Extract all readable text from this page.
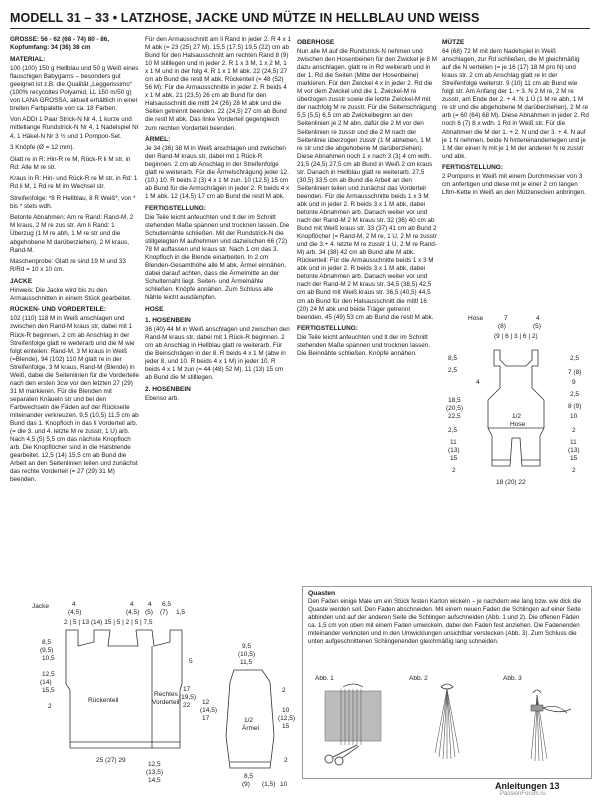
MODELL 31 – 33 • LATZHOSE, JACKE UND MÜTZE IN HELLBLAU UND WEISS

GRÖSSE: 56 - 62 (68 - 74) 80 - 86, Kopfumfang: 34 (36) 38 cm

MATERIAL:

100 (100) 150 g Hellblau und 50 g Weiß eines flauschigen Babygarns – besonders gut geeignet ist z.B. die Qualität „Leggerissimo“ (100% recycoltes Polyamid, LL 150 m/50 g) von LANA GROSSA, aktuell erhältlich in einer breiten Farbpalette von ca. 18 Farben.

Von ADDI 1 Paar Strick-N Nr 4, 1 kurze und mittellange Rundstrick-N Nr 4, 1 Nadelspiel Nr 4, 1 Häkel-N Nr 3 ½ und 1 Pompon-Set.

3 Knöpfe (Ø = 12 mm).

Glatt re in R: Hin-R re M, Rück-R li M str, in Rd: Alle M re str.

Kraus in R: Hin- und Rück-R re M str, in Rd: 1 Rd li M, 1 Rd re M im Wechsel str.

Streifenfolge: *8 R Hellblau, 8 R Weiß*, von * bis * stets wdh.

Betonte Abnahmen: Am re Rand: Rand-M, 2 M kraus, 2 M re zus str. Am li Rand: 1 Überzug (1 M re abh, 1 M re str und die abgehobene M darüberziehen), 2 M kraus, Rand-M.

Maschenprobe: Glatt re sind 19 M und 33 R/Rd = 10 x 10 cm.

JACKE

Hinweis: Die Jacke wird bis zu den Armausschnitten in einem Stück gearbeitet.

RÜCKEN- UND VORDERTEILE:

102 (110) 118 M in Weiß anschlagen und zwischen den Rand-M kraus str, dabei mit 1 Rück-R beginnen. 2 cm ab Anschlag in der Streifenfolge glatt re weiterarb und die M wie folgt einteilen: Rand-M, 3 M kraus in Weiß (=Blende), 94 (102) 110 M glatt re in der Streifenfolge, 3 M kraus, Rand-M (Blende) in Weiß, dabei die Seitenlinien für die Vorderteile nach den ersten 3cw vor den letzten 27 (29) 31 M markieren. Für die Blenden mit separaten Knäueln str und bei den Farbwechseln die Fäden auf der Rückseite miteinander verkreuzen. 9,5 (10,5) 11,5 cm ab Bund das 1. Knopfloch in das li Vorderteil arb. (= die 3. und 4. letzte M re zusstr, 1 U) arb. Nach 4,5 (5) 5,5 cm das nächste Knopfloch arb. Die Knopflöcher sind in die Halsblende gearbeitet. 12,5 (14) 15,5 cm ab Bund die Arbeit an den Seitenlinien teilen und zunächst das rechte Vorderteil (= 27 (29) 31 M) beenden.

Für den Armausschnitt am li Rand in jeder 2. R 4 x 1 M abk (= 23 (25) 27 M). 15,5 (17,5) 19,5 (22) cm ab Bund für den Halsausschnitt am rechten Rand 8 (9) 10 M stilllegen und in jeder 2. R 1 x 3 M, 1 x 2 M, 1 x 1 M und in der folg 4. R 1 x 1 M abk. 22 (24,5) 27 cm ab Bund die restl M abk. Rückenteil (= 48 (52) 56 M): Für die Armausschnitte in jeder 2. R beids 4 x 1 M abk. 21 (23,5) 26 cm ab Bund für den Halsausschnitt die mittl 24 (26) 28 M abk und die Seiten getrennt beenden. 22 (24,5) 27 cm ab Bund die restl M abk. Das linke Vorderteil gegengleich zum rechten Vorderteil beenden.

ÄRMEL:

Je 34 (36) 38 M in Weiß anschlagen und zwischen den Rand-M kraus str, dabei mit 1 Rück-R beginnen. 2 cm ab Anschlag in der Streifenfolge glatt re weiterarb. Für die Ärmelschrägung jeder 12. (10.) 10. R beids 2 (3) 4 x 1 M zun. 10 (12,5) 15 cm ab Bund für die Armschrägen in jeder 2. R beids 4 x 1 M abk. 12 (14,5) 17 cm ab Bund die restl M abk.

FERTIGSTELLUNG:

Die Teile leicht anfeuchten und lt der im Schnitt stehenden Maße spannen und trocknen lassen. Die Schulternähte schließen. Mit der Rundstrick-N die stillgelegten M aufnehmen und dazwischen 66 (72) 78 M auffassen und kraus str. Nach 1 cm das 3. Knopfloch in die Blende einarbeiten. In 2 cm Blenden-Gesamthöhe alle M abk. Ärmel einnähen, dabei darauf achten, dass die Ärmelmitte an der Schulternaht liegt. Seiten- und Ärmelnähte schließen. Knöpfe annähen. Zum Schluss alle Nähte leicht ausdämpfen.

HOSE
1. HOSENBEIN

36 (40) 44 M in Weiß anschlagen und zwischen den Rand-M kraus str, dabei mit 1 Rück-R beginnen. 2 cm ab Anschlag in Hellblau glatt re weiterarb. Für die Beinschrägen in der 8. R beids 4 x 1 M (abw in jeder 8. und 10. R beids 4 x 1 M) in jeder 10. R beids 4 x 1 M zun (= 44 (48) 52 M). 11 (13) 15 cm ab Bund die M stilllegen.

2. HOSENBEIN

Ebenso arb.

OBERHOSE

Nun alle M auf die Rundstrick-N nehmen und zwischen den Hosenbeinen für den Zwickel je 8 M dazu anschlagen, glatt re in Rd weiterarb und in der 1. Rd die Seiten (Mitte der Hosenbeine) markieren. Für den Zwickel 4 x in jeder 2. Rd die M vor dem Zwickel und die 1. Zwickel-M re überzogen zusstr sowie die letzte Zwickel-M mit der nachfolg M re zusstr. Für die Seitenschrägung 5,5 (5,5) 6,5 cm ab Zwickelbeginn an den Seitenlinien je 2 M abn, dafür die 2 M vor den Seitenlinien re zusstr und die 2 M nach der Seitenlinie überzogen zusstr (1 M abheben, 1 M re str und die abgehobene M darüberziehen). Diese Abnahmen noch 1 x nach 3 (3) 4 cm wdh. 21,5 (24,5) 27,5 cm ab Bund in Weiß 2 cm kraus str. Danach in Hellblau glatt re weiterarb. 27,5 (30,5) 33,5 cm ab Bund die Arbeit an den Seitenlinien teilen und zunächst das Vorderteil beenden. Für die Armausschnitte beids 1 x 3 M abk und in jeder 2. R beids 3 x 1 M abk, dabei betonte Abnahmen arb. Danach weiter vor und nach der Rand-M 2 M kraus str. 32 (36) 40 cm ab Bund mit Weiß kraus str. 33 (37) 41 cm ab Bund 2 Knopflöcher (= Rand-M, 2 M re, 1 U, 2 M re zusstr und die 3.+ 4. letzte M re zusstr 1 U, 2 M re Rand-M) arb. 34 (38) 42 cm ab Bund alle M abk. Rückenteil: Für die Armausschnitte beids 1 x 3 M abk und in jeder 2. R beids 3 x 1 M abk, dabei betonte Abnahmen arb. Danach weiter vor und nach der Rand-M 2 M kraus str. 34,5 (38,5) 42,5 cm ab Bund mit Weiß kraus str. 36,5 (40,5) 44,5 cm ab Bund für den Halsausschnitt die mittl 16 (20) 24 M abk und beide Träger getrennt beenden. 45 (49) 53 cm ab Bund die restl M abk.

FERTIGSTELLUNG:

Die Teile leicht anfeuchten und lt der im Schnitt stehenden Maße spannen und trocknen lassen. Die Beinnähte schließen. Knöpfe annähen.

MÜTZE

64 (68) 72 M mit dem Nadelspiel in Weiß anschlagen, zur Rd schließen, die M gleichmäßig auf die N verteilen (= je 16 (17) 18 M pro N) und kraus str. 2 cm ab Anschlag glatt re in der Streifenfolge weiterstr. 9 (10) 11 cm ab Bund wie folgt str. Am Anfang der 1. + 3. N 2 M re, 2 M re zusstr, am Ende der 2. + 4. N 1 Ü (1 M re abh, 1 M re str und die abgehobene M darüberziehen), 2 M re arb (= 60 (64) 68 M). Diese Abnahmen in jeder 2. Rd noch 6 (7) 8 x wdh. 1 Rd in Weiß str. Für die Abnahmen die M der 1. + 2. N und der 3. + 4. N auf je 1 N nehmen, beide N hintereinanderliegen und je 1 M der einen N mit je 1 M der anderen N re zusstr und abk.

FERTIGSTELLUNG:

2 Pompons in Weiß mit einem Durchmesser von 3 cm anfertigen und diese mit je einer 2 cm langen Lftm-Kette in Weiß an den Mützenecken anbringen.

Hose	7	4
(8)	(5)
(9 | 6 | 3 | 6 | 2)
8,5
2,5
4
18,5
(20,5)
22,5
2,5
11
(13)
15
2
2,5
7 (8)
9
2,5
8 (9)
10
2
11
(13)
15
2
1/2
Hose
18 (20) 22
Jacke	4	4 4 6,5
(4,5)	(4,5) (5) (7) 1,5
2 | 5 | 13 (14) 15 | 5 | 2 | 5 | 7,5
8,5
(9,5)
10,5
12,5
(14)
15,5
2
Rückenteil
Rechtes
Vorderteil
25 (27) 29
12,5
(13,5)
14,5
5
17
(19,5)
22
9,5
(10,5)
11,5
2
10
(12,5)
15
2
12
(14,5)
17	1/2
Ärmel
8,5
(9) (1,5) 10
Quasten

Den Faden einige Male um ein Stück festen Karton wickeln – je nachdem wie lang bzw. wie dick die Quaste werden soll. Den Faden abschneiden. Mit einem neuen Faden die Schlingen auf einer Seite abbinden und auf der anderen Seite die Schlingen aufschneiden (Abb. 1 und 2). Die offenen Fäden ca. 1,5 cm von oben mit einem Faden umwickeln, dabei den Faden fest anziehen. Die Fadenenden miteinander verknoten und in den Umwicklungen unsichtbar verstecken (Abb. 3). Zum Schluss die unten aufgeschnittenen Schlingenenden gleichmäßig lang schneiden.

Abb. 1	Abb. 2	Abb. 3
Anleitungen 13
PassionForum.ru
